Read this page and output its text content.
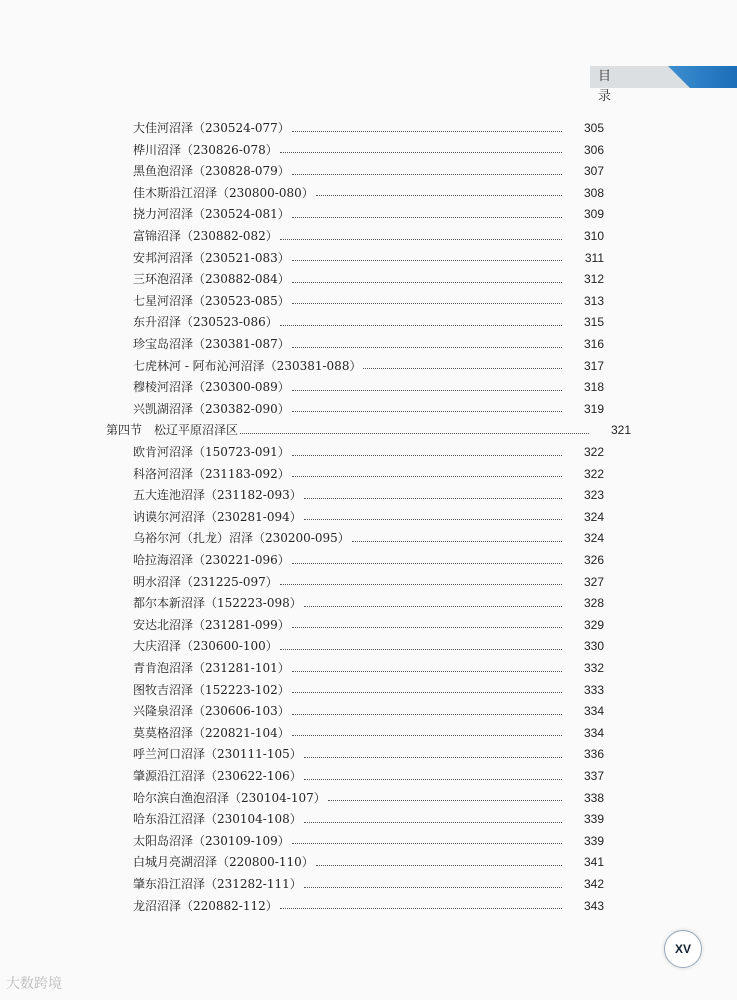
目 录
大佳河沼泽（230524-077）	305
桦川沼泽（230826-078）	306
黑鱼泡沼泽（230828-079）	307
佳木斯沿江沼泽（230800-080）	308
挠力河沼泽（230524-081）	309
富锦沼泽（230882-082）	310
安邦河沼泽（230521-083）	311
三环泡沼泽（230882-084）	312
七星河沼泽（230523-085）	313
东升沼泽（230523-086）	315
珍宝岛沼泽（230381-087）	316
七虎林河 - 阿布沁河沼泽（230381-088）	317
穆棱河沼泽（230300-089）	318
兴凯湖沼泽（230382-090）	319
第四节　松辽平原沼泽区	321
欧肯河沼泽（150723-091）	322
科洛河沼泽（231183-092）	322
五大连池沼泽（231182-093）	323
讷谟尔河沼泽（230281-094）	324
乌裕尔河（扎龙）沼泽（230200-095）	324
哈拉海沼泽（230221-096）	326
明水沼泽（231225-097）	327
都尔本新沼泽（152223-098）	328
安达北沼泽（231281-099）	329
大庆沼泽（230600-100）	330
青肯泡沼泽（231281-101）	332
图牧吉沼泽（152223-102）	333
兴隆泉沼泽（230606-103）	334
莫莫格沼泽（220821-104）	334
呼兰河口沼泽（230111-105）	336
肇源沿江沼泽（230622-106）	337
哈尔滨白渔泡沼泽（230104-107）	338
哈东沿江沼泽（230104-108）	339
太阳岛沼泽（230109-109）	339
白城月亮湖沼泽（220800-110）	341
肇东沿江沼泽（231282-111）	342
龙沼沼泽（220882-112）	343
XV
大数跨境
